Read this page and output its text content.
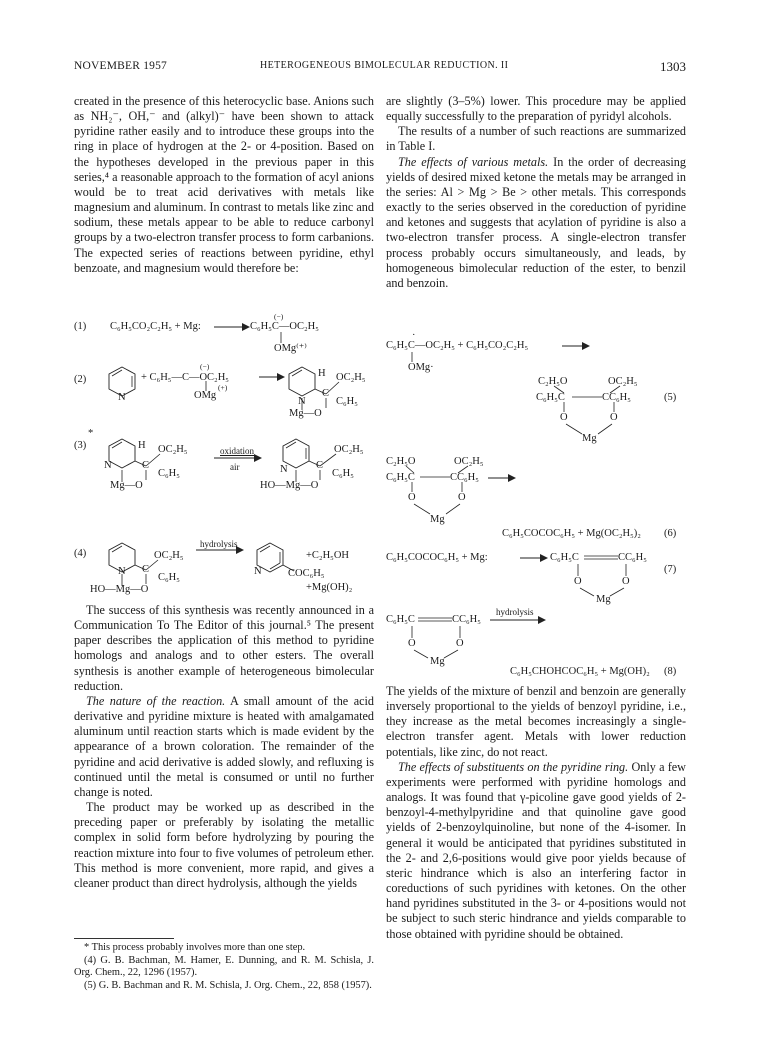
NOVEMBER 1957	HETEROGENEOUS BIMOLECULAR REDUCTION. II	1303

created in the presence of this heterocyclic base. Anions such as NH₂⁻, OH,⁻ and (alkyl)⁻ have been shown to attack pyridine rather easily and to introduce these groups into the ring in place of hydrogen at the 2- or 4-position. Based on the hypotheses developed in the previous paper in this series,⁴ a reasonable approach to the formation of acyl anions would be to treat acid derivatives with metals like magnesium and aluminum. In contrast to metals like zinc and sodium, these metals appear to be able to reduce carbonyl groups by a two-electron transfer process to form carbanions. The expected series of reactions between pyridine, ethyl benzoate, and magnesium would therefore be:

The success of this synthesis was recently announced in a Communication To The Editor of this journal.⁵ The present paper describes the application of this method to pyridine homologs and analogs and to other esters. The overall synthesis is another example of heterogeneous bimolecular reduction.

The nature of the reaction. A small amount of the acid derivative and pyridine mixture is heated with amalgamated aluminum until reaction starts which is made evident by the appearance of a brown coloration. The remainder of the pyridine and acid derivative is added slowly, and refluxing is continued until the metal is consumed or until no further change is noted.

The product may be worked up as described in the preceding paper or preferably by isolating the metallic complex in solid form before hydrolyzing by pouring the reaction mixture into four to five volumes of petroleum ether. This method is more convenient, more rapid, and gives a cleaner product than direct hydrolysis, although the yields

(1) C₆H₅CO₂C₂H₅ + Mg:
(−)
C₆H₅C—OC₂H₅
OMg⁽⁺⁾
(2)
N
+ C₆H₅—C—OC₂H₅
(−)
(+)
OMg
H OC₂H₅
C
C₆H₅
N
Mg—O
(3)
*
N
H OC₂H₅
C
C₆H₅
Mg—O
oxidation
air	N
OC₂H₅
C
C₆H₅
HO—Mg—O
(4)
N
OC₂H₅
C
C₆H₅
HO—Mg—O
hydrolysis
N	COC₆H₅
+C₂H₅OH
+Mg(OH)₂

are slightly (3–5%) lower. This procedure may be applied equally successfully to the preparation of pyridyl alcohols.

The results of a number of such reactions are summarized in Table I.

The effects of various metals. In the order of decreasing yields of desired mixed ketone the metals may be arranged in the series: Al > Mg > Be > other metals. This corresponds exactly to the series observed in the coreduction of pyridine and ketones and suggests that acylation of pyridine is also a two-electron transfer process. A single-electron transfer process probably occurs simultaneously, and leads, by homogeneous bimolecular reduction of the ester, to benzil and benzoin.

·
C₆H₅C—OC₂H₅ + C₆H₅CO₂C₂H₅
OMg·
C₂H₅O	OC₂H₅
C₆H₅C	CC₆H₅
O	O
Mg
(5)
C₂H₅O	OC₂H₅
C₆H₅C	CC₆H₅
O	O
Mg
C₆H₅COCOC₆H₅ + Mg(OC₂H₅)₂ (6)
C₆H₅COCOC₆H₅ + Mg:	C₆H₅C	CC₆H₅
O	O
Mg
(7)
C₆H₅C	CC₆H₅
O	O
Mg
hydrolysis
C₆H₅CHOHCOC₆H₅ + Mg(OH)₂ (8)

The yields of the mixture of benzil and benzoin are generally inversely proportional to the yields of benzoyl pyridine, i.e., they increase as the metal becomes increasingly a single-electron transfer agent. Metals with lower reduction potentials, like zinc, do not react.

The effects of substituents on the pyridine ring. Only a few experiments were performed with pyridine homologs and analogs. It was found that γ-picoline gave good yields of 2-benzoyl-4-methylpyridine and that quinoline gave good yields of 2-benzoylquinoline, but none of the 4-isomer. In general it would be anticipated that pyridines substituted in the 2- and 2,6-positions would give poor yields because of steric hindrance which is also an interfering factor in coreductions of such pyridines with ketones. On the other hand pyridines substituted in the 3- or 4-positions would not be subject to such steric hindrance and yields comparable to those obtained with pyridine should be obtained.

* This process probably involves more than one step.

(4) G. B. Bachman, M. Hamer, E. Dunning, and R. M. Schisla, J. Org. Chem., 22, 1296 (1957).

(5) G. B. Bachman and R. M. Schisla, J. Org. Chem., 22, 858 (1957).
